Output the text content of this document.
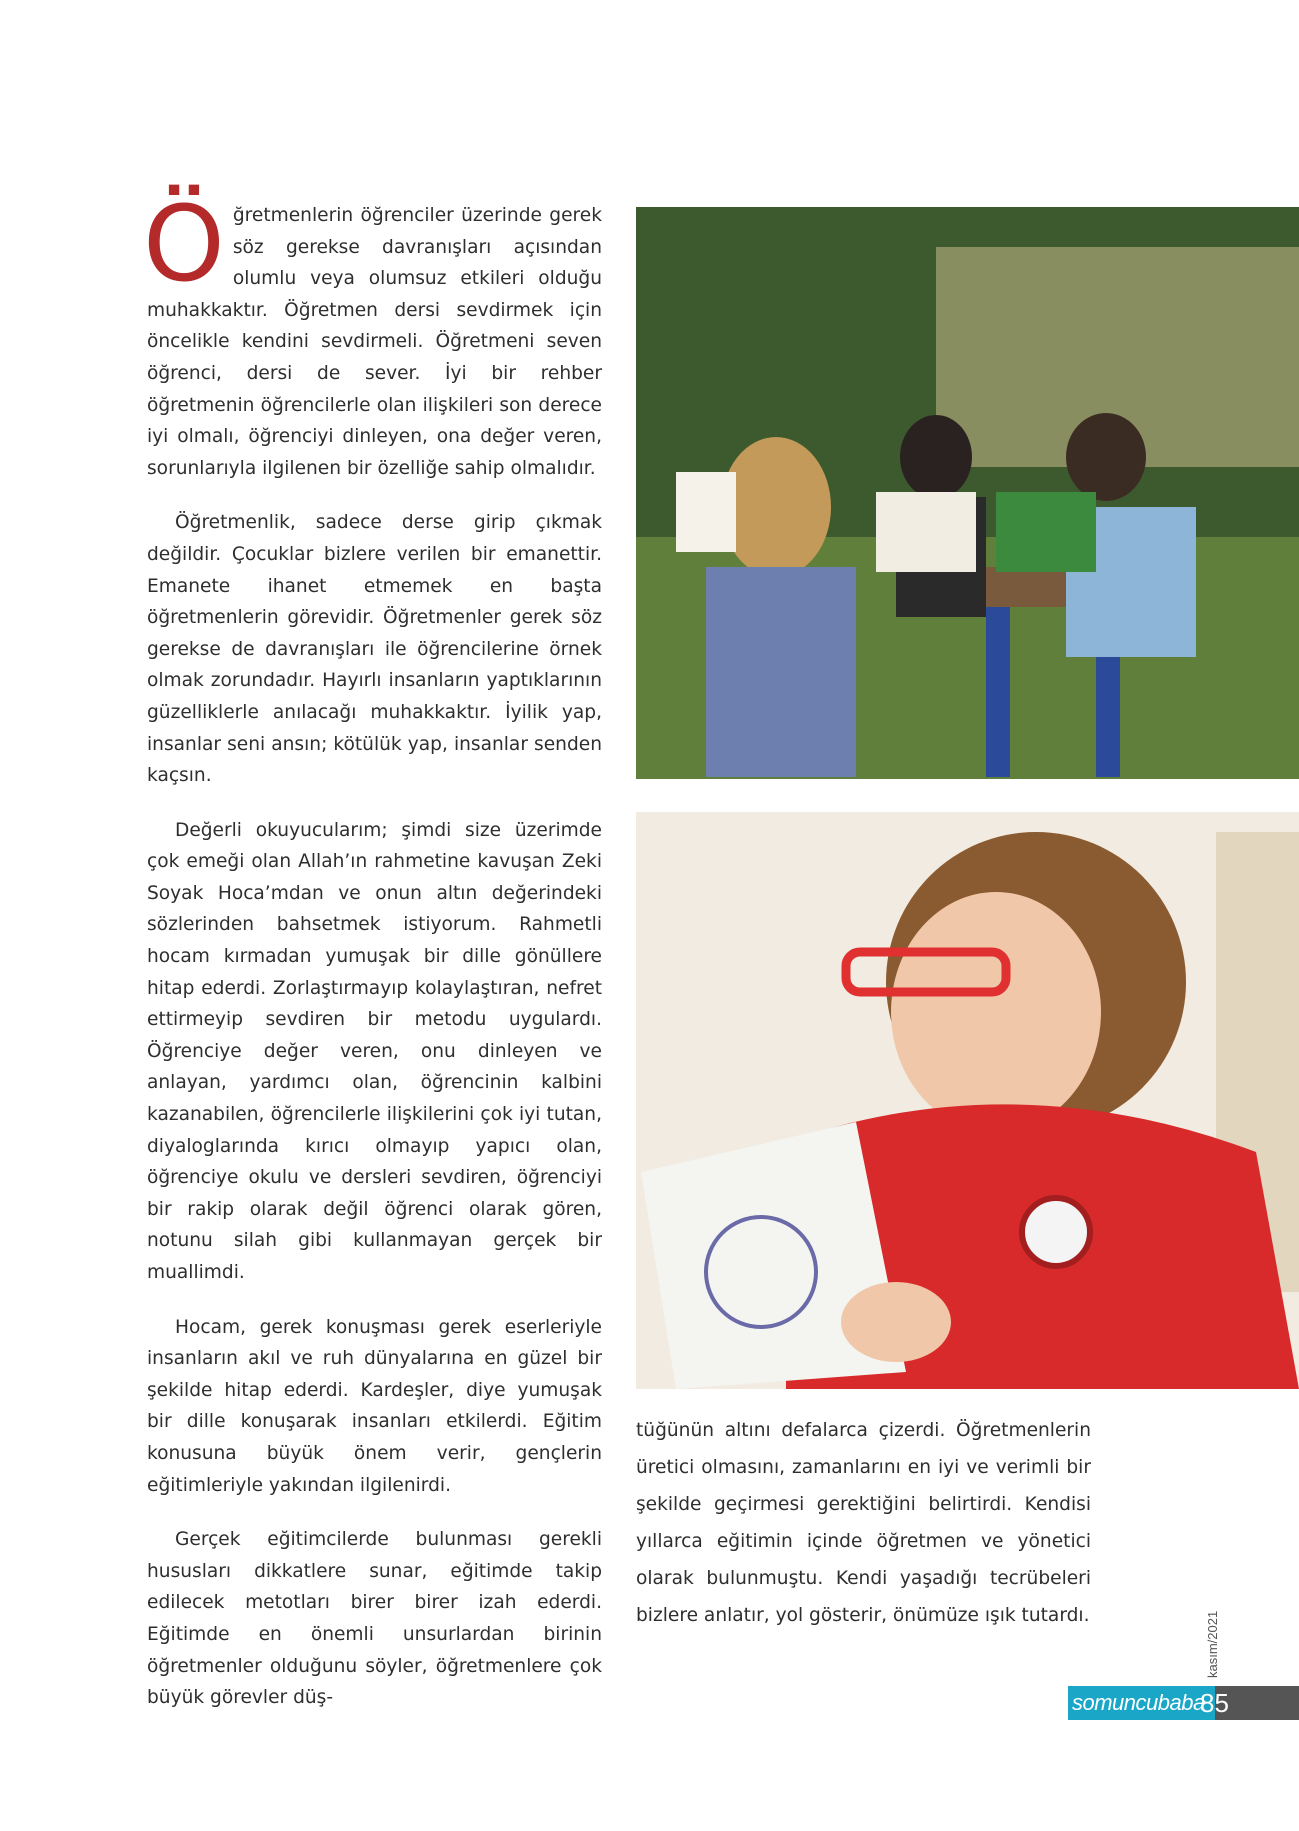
Öğretmenlerin öğrenciler üzerinde gerek söz gerekse davranışları açısından olumlu veya olumsuz etkileri olduğu muhakkaktır. Öğretmen dersi sevdirmek için öncelikle kendini sevdirmeli. Öğretmeni seven öğrenci, dersi de sever. İyi bir rehber öğretmenin öğrencilerle olan ilişkileri son derece iyi olmalı, öğrenciyi dinleyen, ona değer veren, sorunlarıyla ilgilenen bir özelliğe sahip olmalıdır.

Öğretmenlik, sadece derse girip çıkmak değildir. Çocuklar bizlere verilen bir emanettir. Emanete ihanet etmemek en başta öğretmenlerin görevidir. Öğretmenler gerek söz gerekse de davranışları ile öğrencilerine örnek olmak zorundadır. Hayırlı insanların yaptıklarının güzelliklerle anılacağı muhakkaktır. İyilik yap, insanlar seni ansın; kötülük yap, insanlar senden kaçsın.

Değerli okuyucularım; şimdi size üzerimde çok emeği olan Allah’ın rahmetine kavuşan Zeki Soyak Hoca’mdan ve onun altın değerindeki sözlerinden bahsetmek istiyorum. Rahmetli hocam kırmadan yumuşak bir dille gönüllere hitap ederdi. Zorlaştırmayıp kolaylaştıran, nefret ettirmeyip sevdiren bir metodu uygulardı. Öğrenciye değer veren, onu dinleyen ve anlayan, yardımcı olan, öğrencinin kalbini kazanabilen, öğrencilerle ilişkilerini çok iyi tutan, diyaloglarında kırıcı olmayıp yapıcı olan, öğrenciye okulu ve dersleri sevdiren, öğrenciyi bir rakip olarak değil öğrenci olarak gören, notunu silah gibi kullanmayan gerçek bir muallimdi.

Hocam, gerek konuşması gerek eserleriyle insanların akıl ve ruh dünyalarına en güzel bir şekilde hitap ederdi. Kardeşler, diye yumuşak bir dille konuşarak insanları etkilerdi. Eğitim konusuna büyük önem verir, gençlerin eğitimleriyle yakından ilgilenirdi.

Gerçek eğitimcilerde bulunması gerekli hususları dikkatlere sunar, eğitimde takip edilecek metotları birer birer izah ederdi. Eğitimde en önemli unsurlardan birinin öğretmenler olduğunu söyler, öğretmenlere çok büyük görevler düş-

tüğünün altını defalarca çizerdi. Öğretmenlerin üretici olmasını, zamanlarını en iyi ve verimli bir şekilde geçirmesi gerektiğini belirtirdi. Kendisi yıllarca eğitimin içinde öğretmen ve yönetici olarak bulunmuştu. Kendi yaşadığı tecrübeleri bizlere anlatır, yol gösterir, önümüze ışık tutardı.	kasım/2021
somuncubaba
85
